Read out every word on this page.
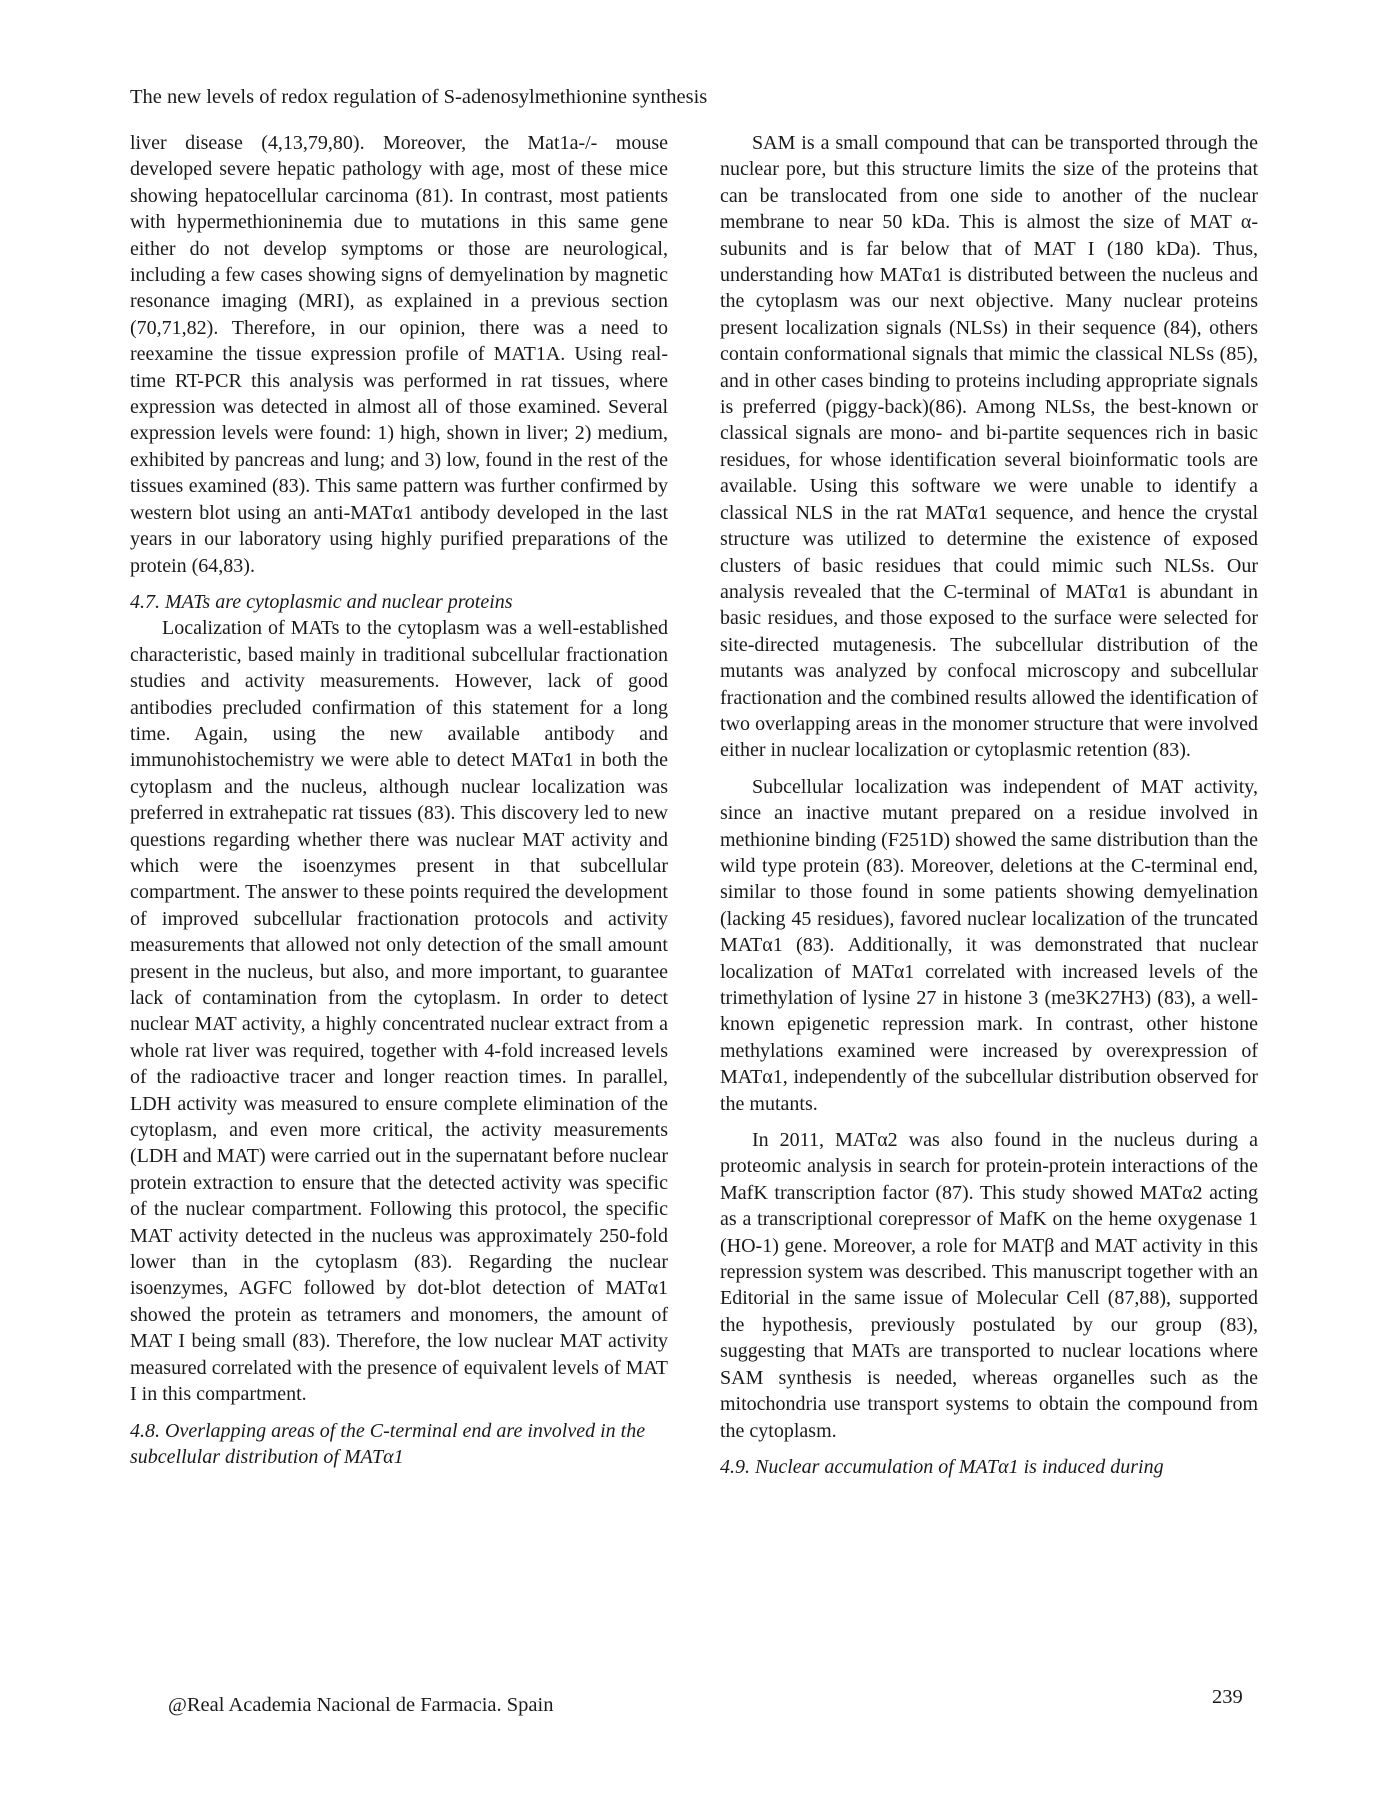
The new levels of redox regulation of S-adenosylmethionine synthesis

liver disease (4,13,79,80). Moreover, the Mat1a-/- mouse developed severe hepatic pathology with age, most of these mice showing hepatocellular carcinoma (81). In contrast, most patients with hypermethioninemia due to mutations in this same gene either do not develop symptoms or those are neurological, including a few cases showing signs of demyelination by magnetic resonance imaging (MRI), as explained in a previous section (70,71,82). Therefore, in our opinion, there was a need to reexamine the tissue expression profile of MAT1A. Using real-time RT-PCR this analysis was performed in rat tissues, where expression was detected in almost all of those examined. Several expression levels were found: 1) high, shown in liver; 2) medium, exhibited by pancreas and lung; and 3) low, found in the rest of the tissues examined (83). This same pattern was further confirmed by western blot using an anti-MATα1 antibody developed in the last years in our laboratory using highly purified preparations of the protein (64,83).

4.7. MATs are cytoplasmic and nuclear proteins

Localization of MATs to the cytoplasm was a well-established characteristic, based mainly in traditional subcellular fractionation studies and activity measurements. However, lack of good antibodies precluded confirmation of this statement for a long time. Again, using the new available antibody and immunohistochemistry we were able to detect MATα1 in both the cytoplasm and the nucleus, although nuclear localization was preferred in extrahepatic rat tissues (83). This discovery led to new questions regarding whether there was nuclear MAT activity and which were the isoenzymes present in that subcellular compartment. The answer to these points required the development of improved subcellular fractionation protocols and activity measurements that allowed not only detection of the small amount present in the nucleus, but also, and more important, to guarantee lack of contamination from the cytoplasm. In order to detect nuclear MAT activity, a highly concentrated nuclear extract from a whole rat liver was required, together with 4-fold increased levels of the radioactive tracer and longer reaction times. In parallel, LDH activity was measured to ensure complete elimination of the cytoplasm, and even more critical, the activity measurements (LDH and MAT) were carried out in the supernatant before nuclear protein extraction to ensure that the detected activity was specific of the nuclear compartment. Following this protocol, the specific MAT activity detected in the nucleus was approximately 250-fold lower than in the cytoplasm (83). Regarding the nuclear isoenzymes, AGFC followed by dot-blot detection of MATα1 showed the protein as tetramers and monomers, the amount of MAT I being small (83). Therefore, the low nuclear MAT activity measured correlated with the presence of equivalent levels of MAT I in this compartment.

4.8. Overlapping areas of the C-terminal end are involved in the subcellular distribution of MATα1

SAM is a small compound that can be transported through the nuclear pore, but this structure limits the size of the proteins that can be translocated from one side to another of the nuclear membrane to near 50 kDa. This is almost the size of MAT α-subunits and is far below that of MAT I (180 kDa). Thus, understanding how MATα1 is distributed between the nucleus and the cytoplasm was our next objective. Many nuclear proteins present localization signals (NLSs) in their sequence (84), others contain conformational signals that mimic the classical NLSs (85), and in other cases binding to proteins including appropriate signals is preferred (piggy-back)(86). Among NLSs, the best-known or classical signals are mono- and bi-partite sequences rich in basic residues, for whose identification several bioinformatic tools are available. Using this software we were unable to identify a classical NLS in the rat MATα1 sequence, and hence the crystal structure was utilized to determine the existence of exposed clusters of basic residues that could mimic such NLSs. Our analysis revealed that the C-terminal of MATα1 is abundant in basic residues, and those exposed to the surface were selected for site-directed mutagenesis. The subcellular distribution of the mutants was analyzed by confocal microscopy and subcellular fractionation and the combined results allowed the identification of two overlapping areas in the monomer structure that were involved either in nuclear localization or cytoplasmic retention (83).

Subcellular localization was independent of MAT activity, since an inactive mutant prepared on a residue involved in methionine binding (F251D) showed the same distribution than the wild type protein (83). Moreover, deletions at the C-terminal end, similar to those found in some patients showing demyelination (lacking 45 residues), favored nuclear localization of the truncated MATα1 (83). Additionally, it was demonstrated that nuclear localization of MATα1 correlated with increased levels of the trimethylation of lysine 27 in histone 3 (me3K27H3) (83), a well-known epigenetic repression mark. In contrast, other histone methylations examined were increased by overexpression of MATα1, independently of the subcellular distribution observed for the mutants.

In 2011, MATα2 was also found in the nucleus during a proteomic analysis in search for protein-protein interactions of the MafK transcription factor (87). This study showed MATα2 acting as a transcriptional corepressor of MafK on the heme oxygenase 1 (HO-1) gene. Moreover, a role for MATβ and MAT activity in this repression system was described. This manuscript together with an Editorial in the same issue of Molecular Cell (87,88), supported the hypothesis, previously postulated by our group (83), suggesting that MATs are transported to nuclear locations where SAM synthesis is needed, whereas organelles such as the mitochondria use transport systems to obtain the compound from the cytoplasm.

4.9. Nuclear accumulation of MATα1 is induced during
@Real Academia Nacional de Farmacia. Spain	239
